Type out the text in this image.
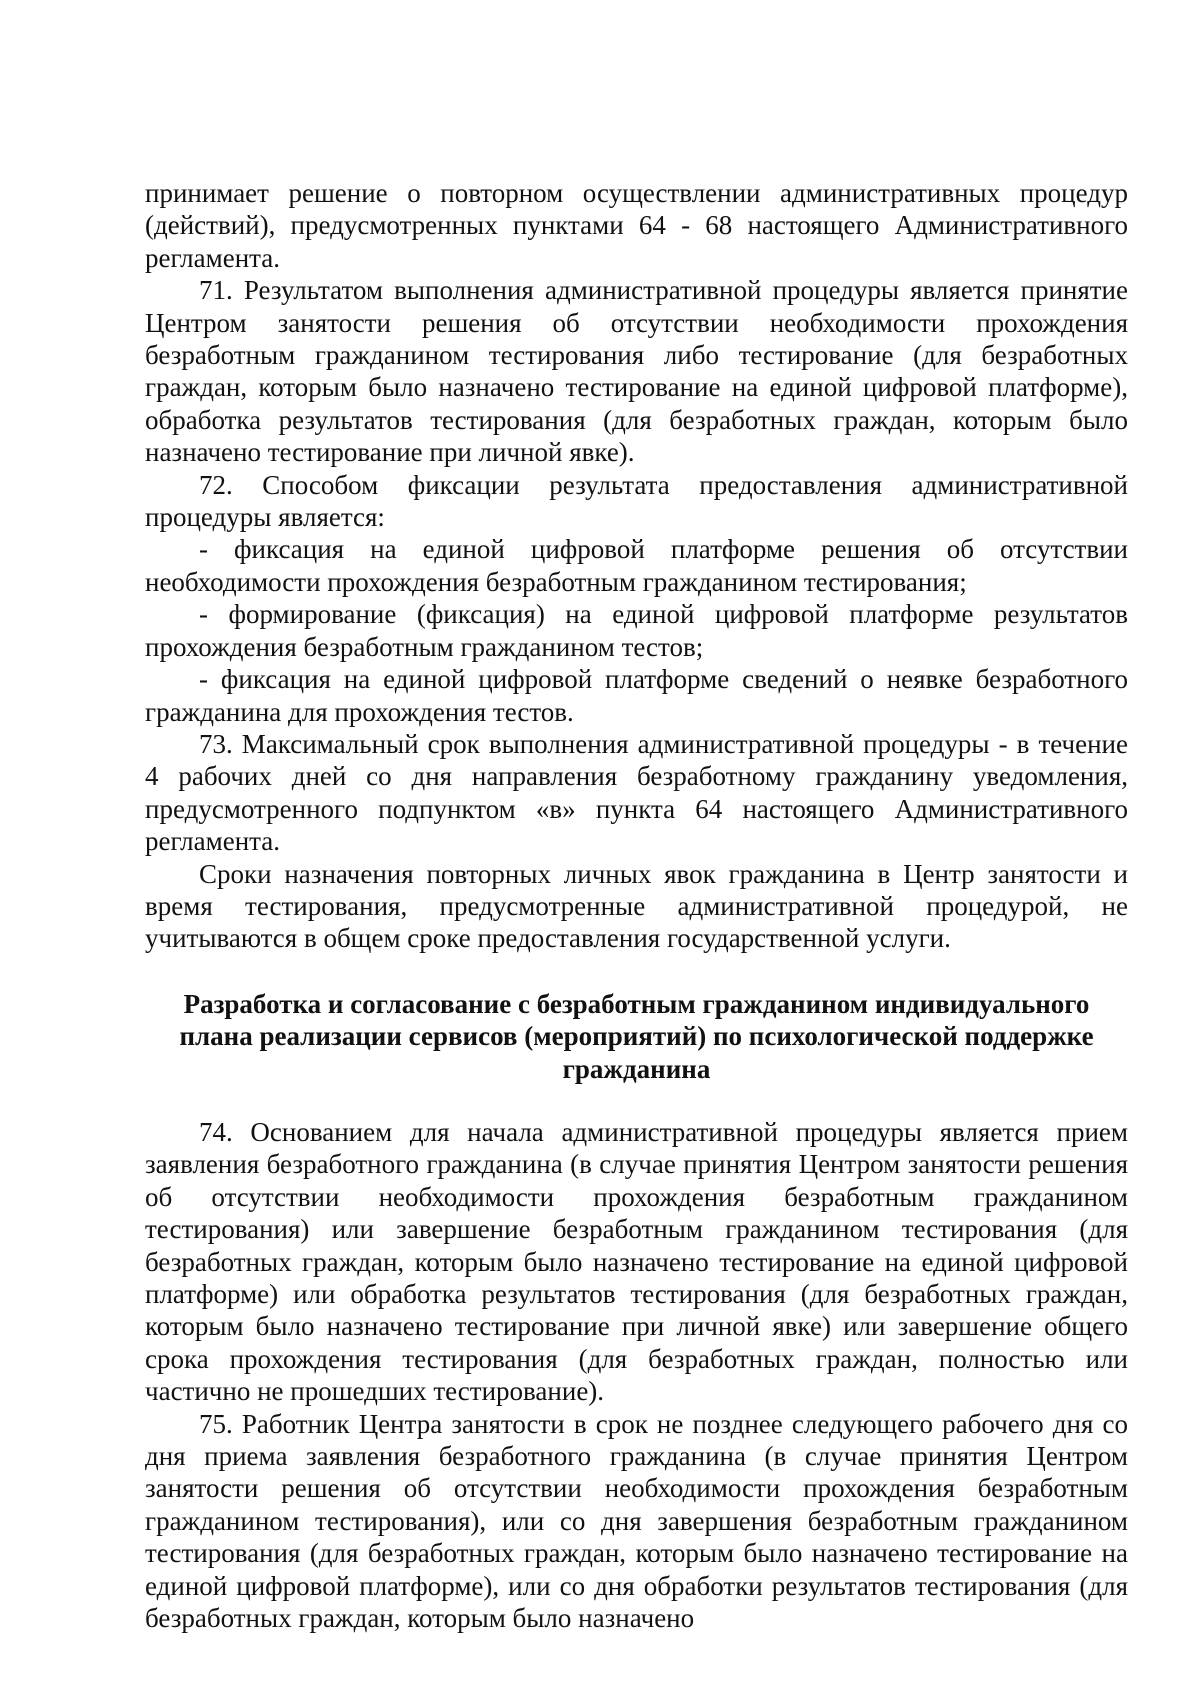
принимает решение о повторном осуществлении административных процедур (действий), предусмотренных пунктами 64 - 68 настоящего Административного регламента.

71. Результатом выполнения административной процедуры является принятие Центром занятости решения об отсутствии необходимости прохождения безработным гражданином тестирования либо тестирование (для безработных граждан, которым было назначено тестирование на единой цифровой платформе), обработка результатов тестирования (для безработных граждан, которым было назначено тестирование при личной явке).

72. Способом фиксации результата предоставления административной процедуры является:

- фиксация на единой цифровой платформе решения об отсутствии необходимости прохождения безработным гражданином тестирования;

- формирование (фиксация) на единой цифровой платформе результатов прохождения безработным гражданином тестов;

- фиксация на единой цифровой платформе сведений о неявке безработного гражданина для прохождения тестов.

73. Максимальный срок выполнения административной процедуры - в течение 4 рабочих дней со дня направления безработному гражданину уведомления, предусмотренного подпунктом «в» пункта 64 настоящего Административного регламента.

Сроки назначения повторных личных явок гражданина в Центр занятости и время тестирования, предусмотренные административной процедурой, не учитываются в общем сроке предоставления государственной услуги.

Разработка и согласование с безработным гражданином индивидуального плана реализации сервисов (мероприятий) по психологической поддержке гражданина

74. Основанием для начала административной процедуры является прием заявления безработного гражданина (в случае принятия Центром занятости решения об отсутствии необходимости прохождения безработным гражданином тестирования) или завершение безработным гражданином тестирования (для безработных граждан, которым было назначено тестирование на единой цифровой платформе) или обработка результатов тестирования (для безработных граждан, которым было назначено тестирование при личной явке) или завершение общего срока прохождения тестирования (для безработных граждан, полностью или частично не прошедших тестирование).

75. Работник Центра занятости в срок не позднее следующего рабочего дня со дня приема заявления безработного гражданина (в случае принятия Центром занятости решения об отсутствии необходимости прохождения безработным гражданином тестирования), или со дня завершения безработным гражданином тестирования (для безработных граждан, которым было назначено тестирование на единой цифровой платформе), или со дня обработки результатов тестирования (для безработных граждан, которым было назначено
